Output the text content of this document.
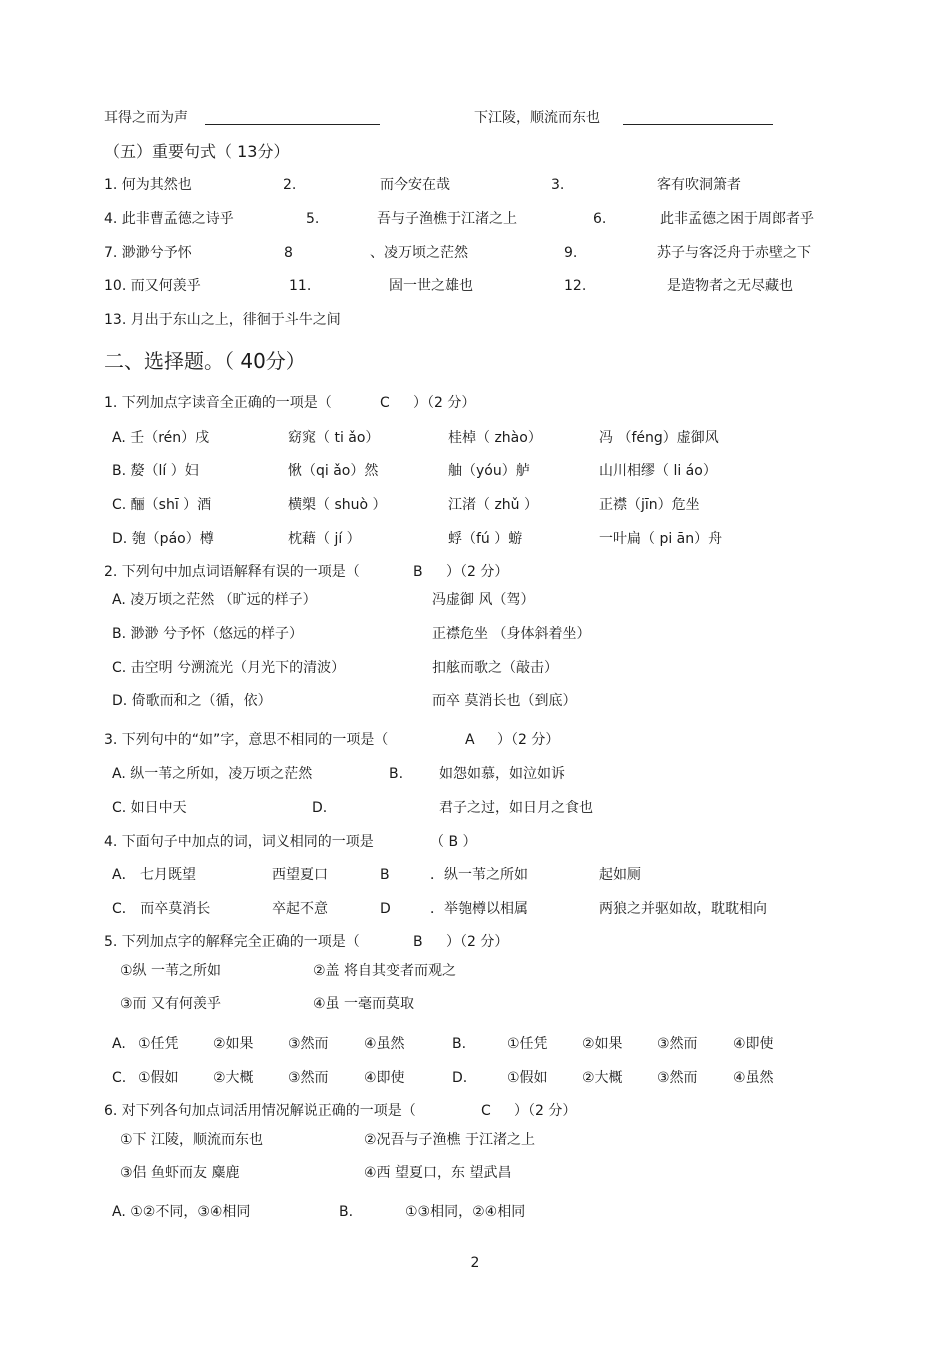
耳得之而为声	下江陵，顺流而东也
（五）重要句式（ 13分）
1. 何为其然也	2.	而今安在哉	3.	客有吹洞箫者
4. 此非曹孟德之诗乎	5.	吾与子渔樵于江渚之上	6.	此非孟德之困于周郎者乎
7. 渺渺兮予怀	8	、凌万顷之茫然	9.	苏子与客泛舟于赤壁之下
10. 而又何羡乎	11.	固一世之雄也	12.	是造物者之无尽藏也
13. 月出于东山之上，徘徊于斗牛之间
二、选择题。（ 40分）
1. 下列加点字读音全正确的一项是（	C ）（2 分）
A. 壬（rén）戌	窈窕（ ti ǎo）	桂棹（ zhào）	冯 （féng）虚御风
B. 嫠（lí ）妇	愀（qi ǎo）然	舳（yóu）舻	山川相缪（ li áo）
C. 酾（shī ）酒	横槊（ shuò ）	江渚（ zhǔ ）	正襟（jīn）危坐
D. 匏（páo）樽	枕藉（ jí ）	蜉（fú ）蝣	一叶扁（ pi ān）舟
2. 下列句中加点词语解释有误的一项是（	B ）（2 分）
A. 凌万顷之茫然 （旷远的样子）	冯虚御 风（驾）
B. 渺渺 兮予怀（悠远的样子）	正襟危坐 （身体斜着坐）
C. 击空明 兮溯流光（月光下的清波）	扣舷而歌之（敲击）
D. 倚歌而和之（循，依）	而卒 莫消长也（到底）
3. 下列句中的“如”字，意思不相同的一项是（	A ）（2 分）
A. 纵一苇之所如，凌万顷之茫然	B.	如怨如慕，如泣如诉
C. 如日中天	D.	君子之过，如日月之食也
4. 下面句子中加点的词，词义相同的一项是	（ B ）
A． 七月既望	西望夏口	B	．纵一苇之所如	起如厕
C． 而卒莫消长	卒起不意	D	．举匏樽以相属	两狼之并驱如故，耽耽相向
5. 下列加点字的解释完全正确的一项是（	B ）（2 分）
①纵 一苇之所如	②盖 将自其变者而观之
③而 又有何羡乎	④虽 一毫而莫取
A. ①任凭 ②如果 ③然而	④虽然	B.	①任凭 ②如果 ③然而	④即使
C. ①假如 ②大概 ③然而	④即使	D.	①假如 ②大概 ③然而	④虽然
6. 对下列各句加点词活用情况解说正确的一项是（	C ）（2 分）
①下 江陵，顺流而东也	②况吾与子渔樵 于江渚之上
③侣 鱼虾而友 麋鹿	④西 望夏口，东 望武昌
A. ①②不同，③④相同	B.	①③相同，②④相同
2
